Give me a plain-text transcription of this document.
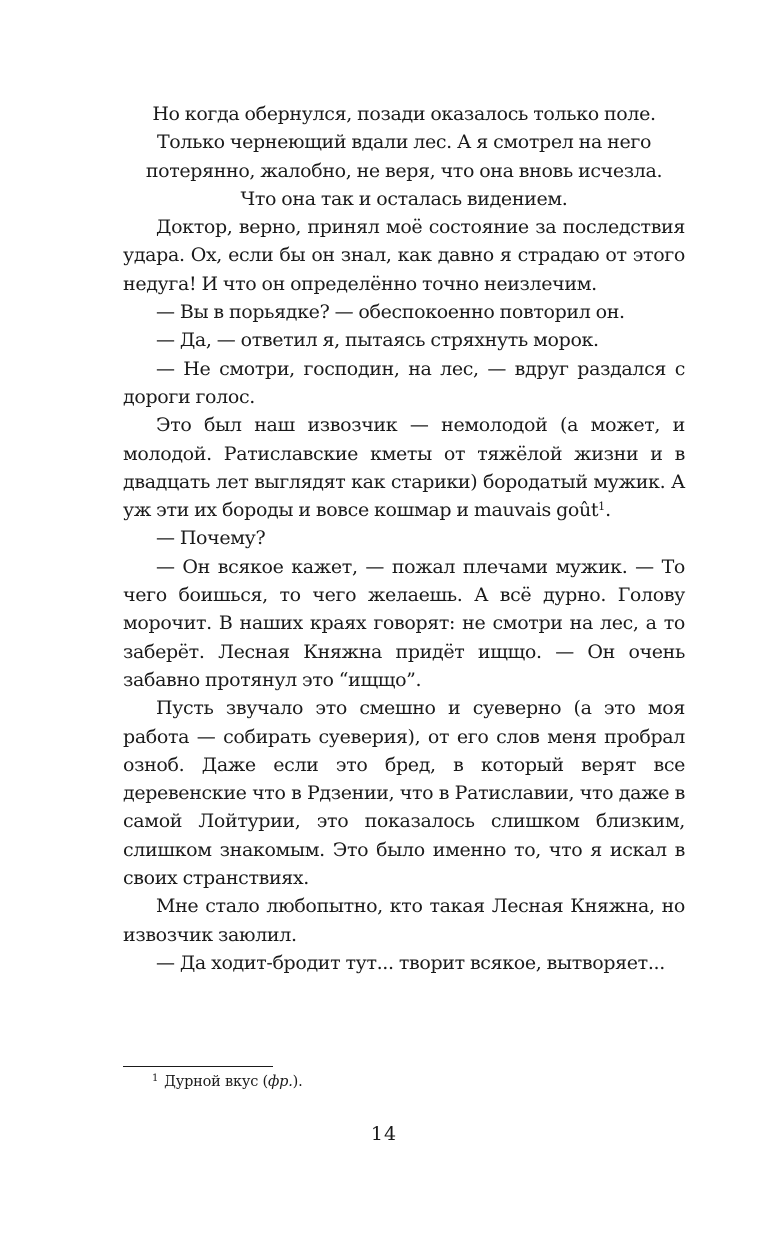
Но когда обернулся, позади оказалось только поле.

Только чернеющий вдали лес. А я смотрел на него

потерянно, жалобно, не веря, что она вновь исчезла.

Что она так и осталась видением.

Доктор, верно, принял моё состояние за последствия удара. Ох, если бы он знал, как давно я страдаю от этого недуга! И что он определённо точно неизлечим.

— Вы в порьядке? — обеспокоенно повторил он.

— Да, — ответил я, пытаясь стряхнуть морок.

— Не смотри, господин, на лес, — вдруг раздался с дороги голос.

Это был наш извозчик — немолодой (а может, и молодой. Ратиславские кметы от тяжёлой жизни и в двадцать лет выглядят как старики) бородатый мужик. А уж эти их бороды и вовсе кошмар и mauvais goût$^1$.

— Почему?

— Он всякое кажет, — пожал плечами мужик. — То чего боишься, то чего желаешь. А всё дурно. Голову морочит. В наших краях говорят: не смотри на лес, а то заберёт. Лесная Княжна придёт ищщо. — Он очень забавно протянул это “ищщо”.

Пусть звучало это смешно и суеверно (а это моя работа — собирать суеверия), от его слов меня пробрал озноб. Даже если это бред, в который верят все деревенские что в Рдзении, что в Ратиславии, что даже в самой Лойтурии, это показалось слишком близким, слишком знакомым. Это было именно то, что я искал в своих странствиях.

Мне стало любопытно, кто такая Лесная Княжна, но извозчик заюлил.

— Да ходит-бродит тут... творит всякое, вытворяет...

$^1$ Дурной вкус (фр.).
14
